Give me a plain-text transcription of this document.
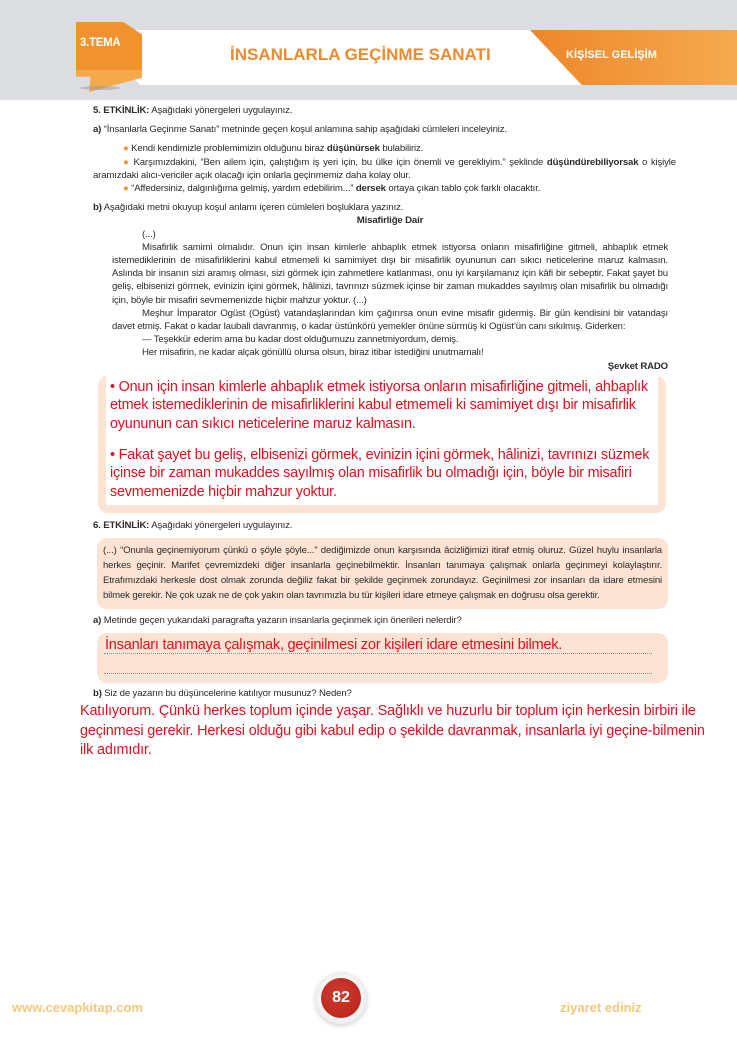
3.TEMA
İNSANLARLA GEÇİNME SANATI	KİŞİSEL GELİŞİM

5. ETKİNLİK: Aşağıdaki yönergeleri uygulayınız.

a) “İnsanlarla Geçinme Sanatı” metninde geçen koşul anlamına sahip aşağıdaki cümleleri inceleyiniz.

● Kendi kendimizle problemimizin olduğunu biraz düşünürsek bulabiliriz.

● Karşımızdakini, “Ben ailem için, çalıştığım iş yeri için, bu ülke için önemli ve gerekliyim.” şeklinde düşündürebiliyorsak o kişiyle aramızdaki alıcı-vericiler açık olacağı için onlarla geçinmemiz daha kolay olur.

● “Affedersiniz, dalgınlığıma gelmiş, yardım edebilirim...” dersek ortaya çıkan tablo çok farklı olacaktır.

b) Aşağıdaki metni okuyup koşul anlamı içeren cümleleri boşluklara yazınız.

Misafirliğe Dair

(...)

Misafirlik samimi olmalıdır. Onun için insan kimlerle ahbaplık etmek istiyorsa onların misafirliğine gitmeli, ahbaplık etmek istemediklerinin de misafirliklerini kabul etmemeli ki samimiyet dışı bir misafirlik oyununun can sıkıcı neticelerine maruz kalmasın. Aslında bir insanın sizi aramış olması, sizi görmek için zahmetlere katlanması, onu iyi karşılamanız için kâfi bir sebeptir. Fakat şayet bu geliş, elbisenizi görmek, evinizin içini görmek, hâlinizi, tavrınızı süzmek içinse bir zaman mukaddes sayılmış olan misafirlik bu olmadığı için, böyle bir misafiri sevmemenizde hiçbir mahzur yoktur. (...)

Meşhur İmparator Ogüst (Ogüst) vatandaşlarından kim çağırırsa onun evine misafir gidermiş. Bir gün kendisini bir vatandaşı davet etmiş. Fakat o kadar laubali davranmış, o kadar üstünkörü yemekler önüne sürmüş ki Ogüst’ün canı sıkılmış. Giderken:

— Teşekkür ederim ama bu kadar dost olduğumuzu zannetmiyordum, demiş.

Her misafirin, ne kadar alçak gönüllü olursa olsun, biraz itibar istediğini unutmamalı!

Şevket RADO

• Onun için insan kimlerle ahbaplık etmek istiyorsa onların misafirliğine gitmeli, ahbaplık etmek istemediklerinin de misafirliklerini kabul etmemeli ki samimiyet dışı bir misafirlik oyununun can sıkıcı neticelerine maruz kalmasın.
• Fakat şayet bu geliş, elbisenizi görmek, evinizin içini görmek, hâlinizi, tavrınızı süzmek içinse bir zaman mukaddes sayılmış olan misafirlik bu olmadığı için, böyle bir misafiri sevmemenizde hiçbir mahzur yoktur.

6. ETKİNLİK: Aşağıdaki yönergeleri uygulayınız.

(...) “Onunla geçinemiyorum çünkü o şöyle şöyle...” dediğimizde onun karşısında âcizliğimizi itiraf etmiş oluruz. Güzel huylu insanlarla herkes geçinir. Marifet çevremizdeki diğer insanlarla geçinebilmektir. İnsanları tanımaya çalışmak onlarla geçinmeyi kolaylaştırır. Etrafımızdaki herkesle dost olmak zorunda değiliz fakat bir şekilde geçinmek zorundayız. Geçinilmesi zor insanları da idare etmesini bilmek gerekir. Ne çok uzak ne de çok yakın olan tavrımızla bu tür kişileri idare etmeye çalışmak en doğrusu olsa gerektir.

a) Metinde geçen yukarıdaki paragrafta yazarın insanlarla geçinmek için önerileri nelerdir?

İnsanları tanımaya çalışmak, geçinilmesi zor kişileri idare etmesini bilmek.

b) Siz de yazarın bu düşüncelerine katılıyor musunuz? Neden?

Katılıyorum. Çünkü herkes toplum içinde yaşar. Sağlıklı ve huzurlu bir toplum için herkesin birbiri ile geçinmesi gerekir. Herkesi olduğu gibi kabul edip o şekilde davranmak, insanlarla iyi geçine-bilmenin ilk adımıdır.
82
www.cevapkitap.com	ziyaret ediniz
